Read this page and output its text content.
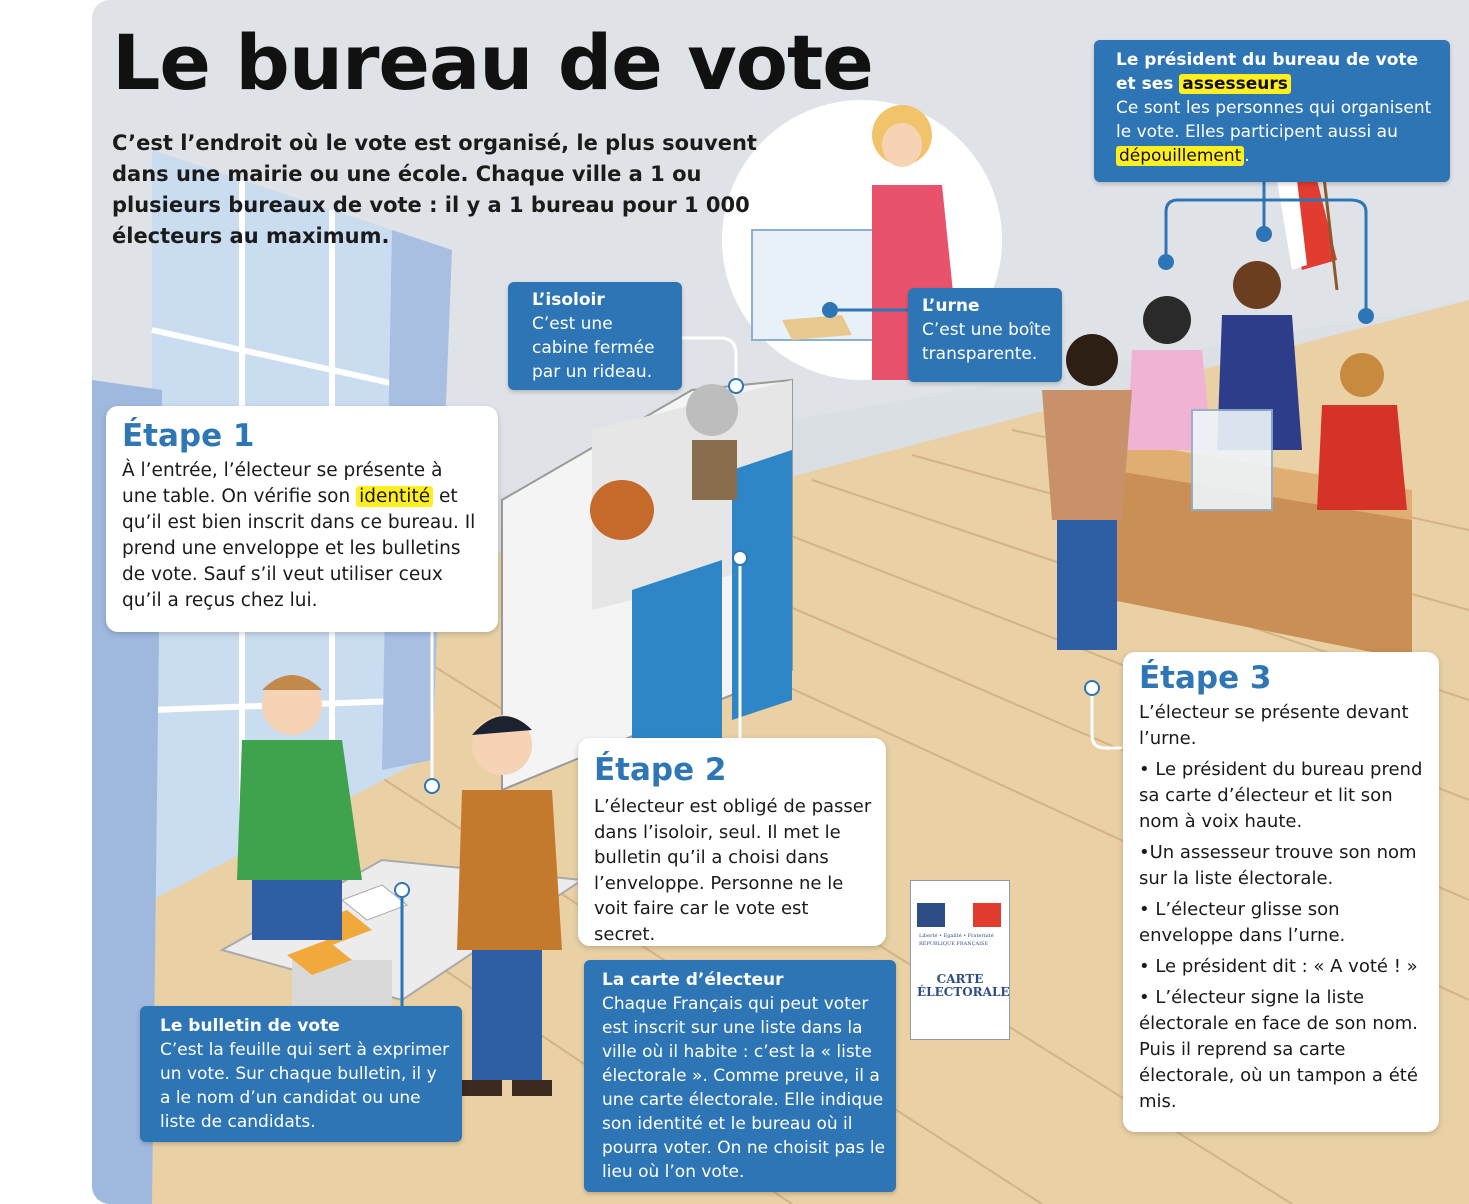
Le bureau de vote

C’est l’endroit où le vote est organisé, le plus souvent dans une mairie ou une école. Chaque ville a 1 ou plusieurs bureaux de vote : il y a 1 bureau pour 1 000 électeurs au maximum.

Étape 1

À l’entrée, l’électeur se présente à une table. On vérifie son identité et qu’il est bien inscrit dans ce bureau. Il prend une enveloppe et les bulletins de vote. Sauf s’il veut utiliser ceux qu’il a reçus chez lui.

Étape 2

L’électeur est obligé de passer dans l’isoloir, seul. Il met le bulletin qu’il a choisi dans l’enveloppe. Personne ne le voit faire car le vote est secret.

Étape 3

L’électeur se présente devant l’urne.

• Le président du bureau prend sa carte d’électeur et lit son nom à voix haute.
•Un assesseur trouve son nom sur la liste électorale.
• L’électeur glisse son enveloppe dans l’urne.
• Le président dit : « A voté ! »
• L’électeur signe la liste électorale en face de son nom. Puis il reprend sa carte électorale, où un tampon a été mis.
L’isoloir
C’est une cabine fermée par un rideau.
L’urne
C’est une boîte transparente.
Le président du bureau de vote
et ses assesseurs
Ce sont les personnes qui organisent le vote. Elles participent aussi au dépouillement .
Le bulletin de vote
C’est la feuille qui sert à exprimer un vote. Sur chaque bulletin, il y a le nom d’un candidat ou une liste de candidats.
La carte d’électeur
Chaque Français qui peut voter est inscrit sur une liste dans la ville où il habite : c’est la « liste électorale ». Comme preuve, il a une carte électorale. Elle indique son identité et le bureau où il pourra voter. On ne choisit pas le lieu où l’on vote.
Liberté • Égalité • Fraternité
RÉPUBLIQUE FRANÇAISE
CARTE
ÉLECTORALE
